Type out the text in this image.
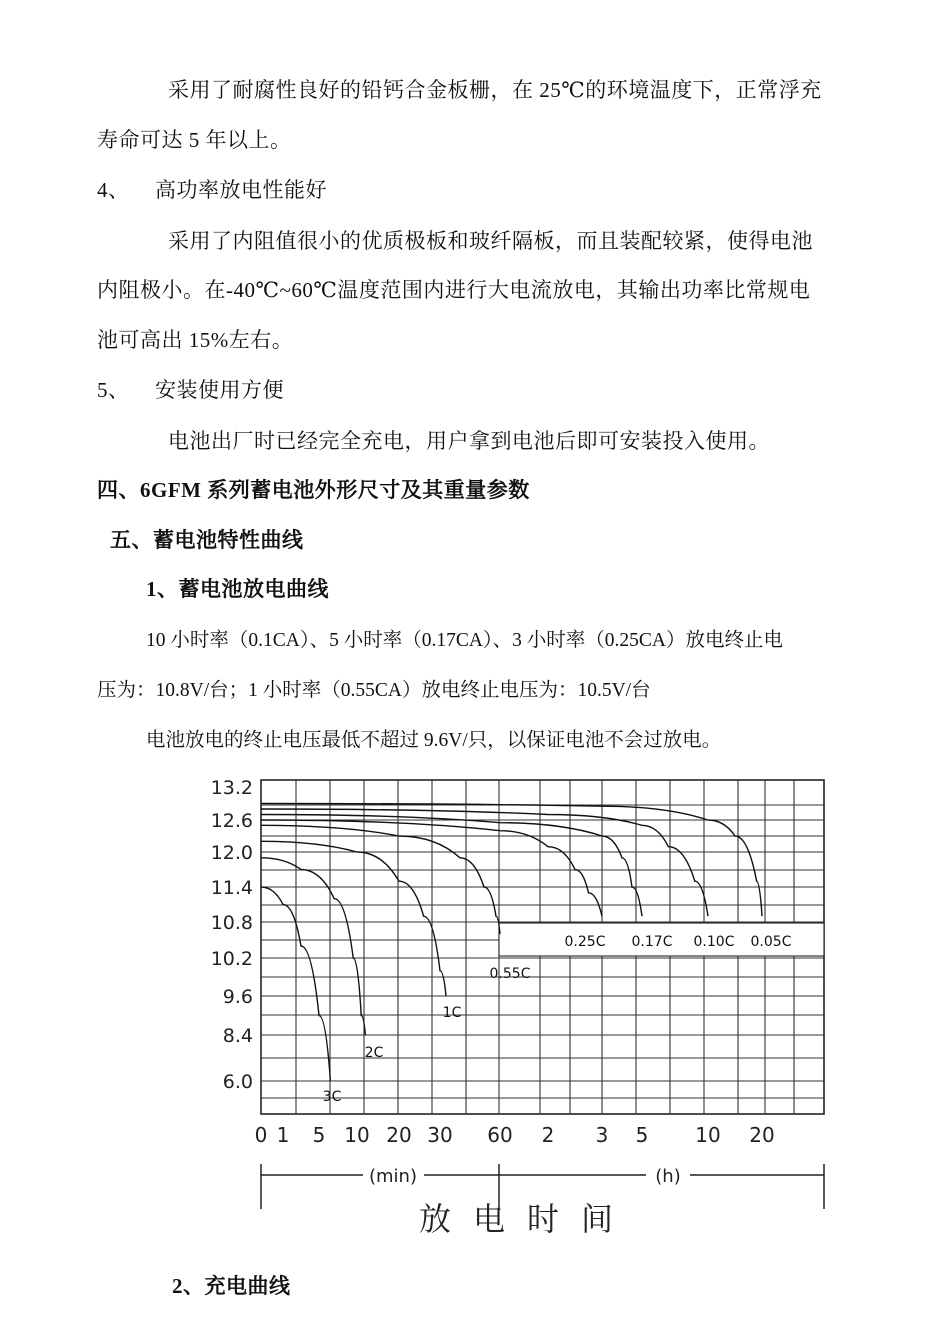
采用了耐腐性良好的铅钙合金板栅，在 25℃的环境温度下，正常浮充
寿命可达 5 年以上。
4、 高功率放电性能好
采用了内阻值很小的优质极板和玻纤隔板，而且装配较紧，使得电池
内阻极小。在-40℃~60℃温度范围内进行大电流放电，其输出功率比常规电
池可高出 15%左右。
5、 安装使用方便
电池出厂时已经完全充电，用户拿到电池后即可安装投入使用。
四、6GFM 系列蓄电池外形尺寸及其重量参数
五、蓄电池特性曲线
1、蓄电池放电曲线
10 小时率（0.1CA）、5 小时率（0.17CA）、3 小时率（0.25CA）放电终止电
压为：10.8V/台；1 小时率（0.55CA）放电终止电压为：10.5V/台
电池放电的终止电压最低不超过 9.6V/只，以保证电池不会过放电。
13.2
12.6
12.0
11.4
10.8
10.2
9.6
8.4
6.0
0 1 5 10 20 30 60 2 3 5 10 20
3C
2C
1C
0.55C
0.25C 0.17C 0.10C 0.05C
(min)	(h)
放电时间
2、充电曲线
